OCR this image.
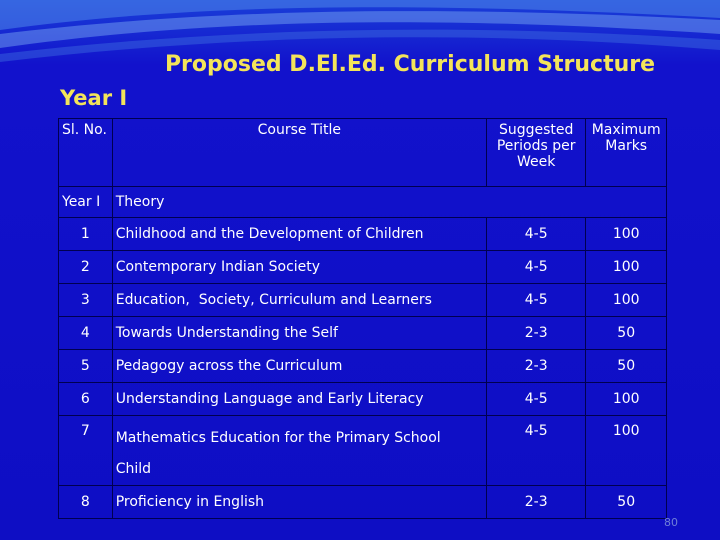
Proposed D.El.Ed. Curriculum Structure
Year I
Sl. No.	Course Title	Suggested Periods per Week	Maximum Marks
Year I	Theory		
1	Childhood and the Development of Children	4-5	100
2	Contemporary Indian Society	4-5	100
3	Education,  Society, Curriculum and Learners	4-5	100
4	Towards Understanding the Self	2-3	50
5	Pedagogy across the Curriculum	2-3	50
6	Understanding Language and Early Literacy	4-5	100
7	Mathematics Education for the Primary School Child	4-5	100
8	Proficiency in English	2-3	50
80
